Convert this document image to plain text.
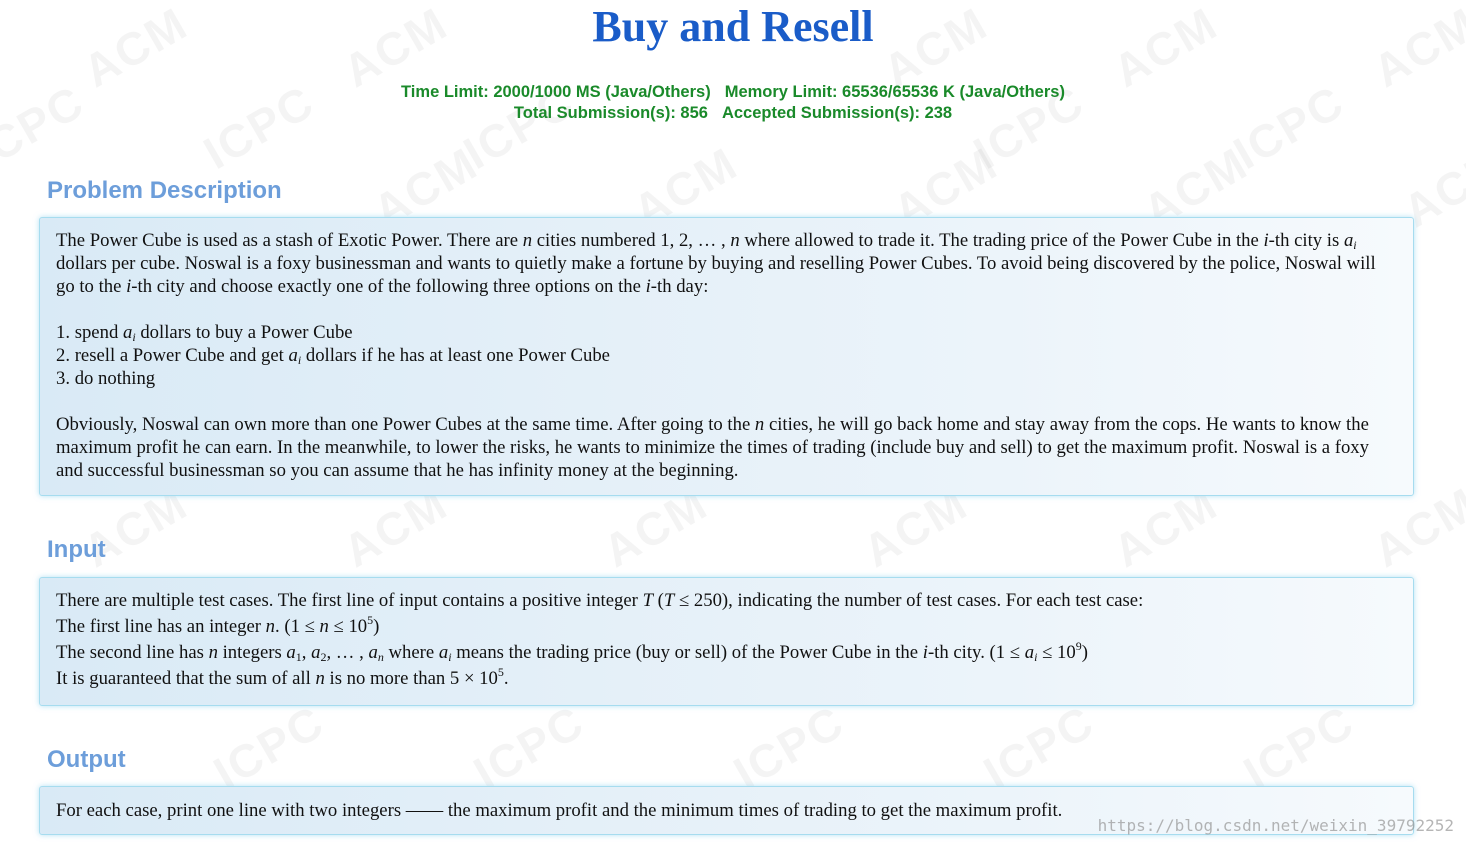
Buy and Resell
Time Limit: 2000/1000 MS (Java/Others) Memory Limit: 65536/65536 K (Java/Others)
Total Submission(s): 856 Accepted Submission(s): 238
Problem Description

The Power Cube is used as a stash of Exotic Power. There are n cities numbered 1, 2, … , n where allowed to trade it. The trading price of the Power Cube in the i-th city is $a_i$ dollars per cube. Noswal is a foxy businessman and wants to quietly make a fortune by buying and reselling Power Cubes. To avoid being discovered by the police, Noswal will go to the i-th city and choose exactly one of the following three options on the i-th day:

1. spend $a_i$ dollars to buy a Power Cube

2. resell a Power Cube and get $a_i$ dollars if he has at least one Power Cube

3. do nothing

Obviously, Noswal can own more than one Power Cubes at the same time. After going to the n cities, he will go back home and stay away from the cops. He wants to know the maximum profit he can earn. In the meanwhile, to lower the risks, he wants to minimize the times of trading (include buy and sell) to get the maximum profit. Noswal is a foxy and successful businessman so you can assume that he has infinity money at the beginning.

Input

There are multiple test cases. The first line of input contains a positive integer T (T ≤ 250), indicating the number of test cases. For each test case:

The first line has an integer n. $(1 \le n \le 10^5)$

The second line has n integers $a_1$, $a_2$, … , $a_n$ where $a_i$ means the trading price (buy or sell) of the Power Cube in the i-th city. $(1 \le a_i \le 10^9)$

It is guaranteed that the sum of all n is no more than $5 \times 10^5$.

Output

For each case, print one line with two integers —— the maximum profit and the minimum times of trading to get the maximum profit.

https://blog.csdn.net/weixin_39792252
